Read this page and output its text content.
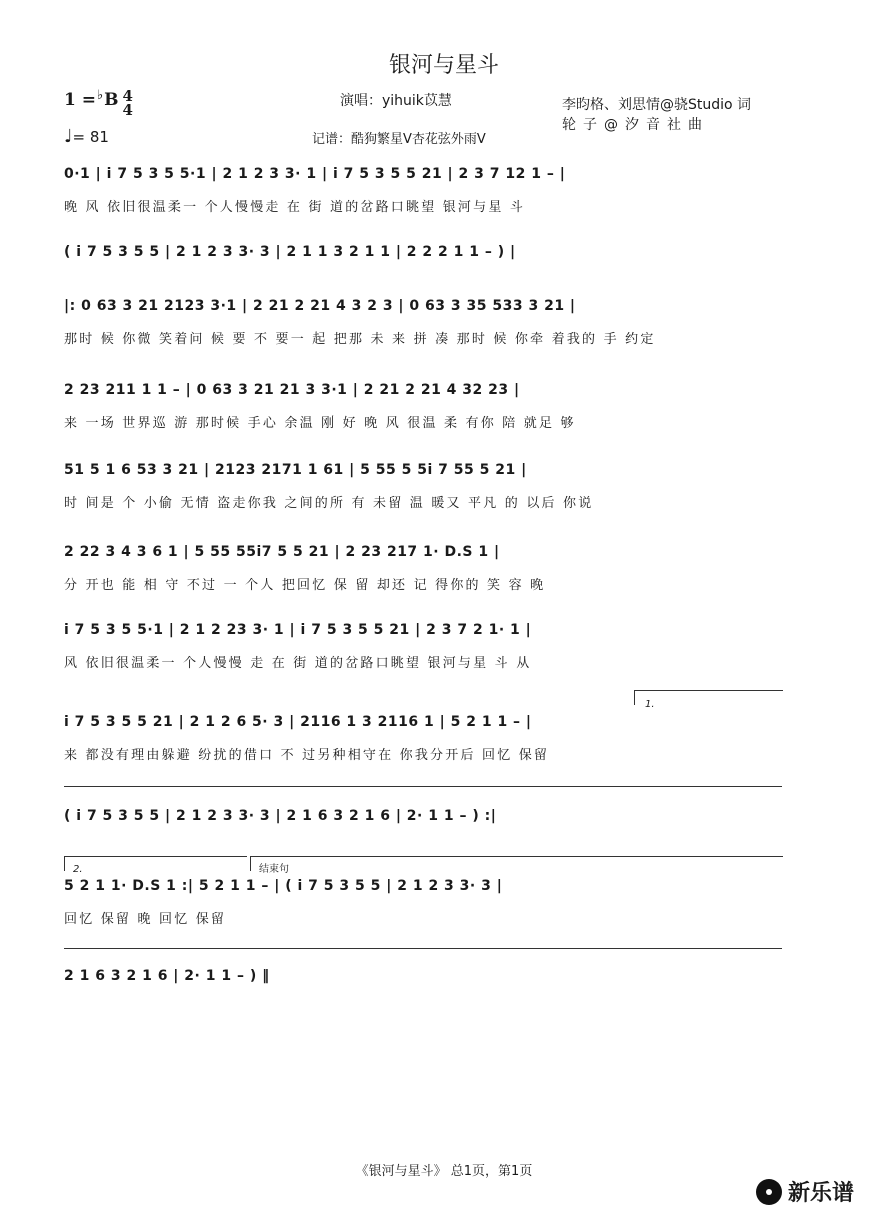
银河与星斗
1 =♭B 4
4
♩= 81
演唱：yihuik苡慧	李昀格、刘思情@骁Studio 词
轮子@汐音社曲
记谱：酷狗繁星V杏花弦外雨V
0·1 | i 7 5 3 5 5·1 | 2 1 2 3 3· 1 | i 7 5 3 5 5 21 | 2 3 7 12 1 – |
晚 风 依旧很温柔一 个人慢慢走 在 街 道的岔路口眺望 银河与星 斗
( i 7 5 3 5 5 | 2 1 2 3 3· 3 | 2 1 1 3 2 1 1 | 2 2 2 1 1 – ) |
|: 0 63 3 21 2123 3·1 | 2 21 2 21 4 3 2 3 | 0 63 3 35 533 3 21 |
那时 候 你微 笑着问 候 要 不 要一 起 把那 未 来 拼 凑 那时 候 你牵 着我的 手 约定
2 23 211 1 1 – | 0 63 3 21 21 3 3·1 | 2 21 2 21 4 32 23 |
来 一场 世界巡 游 那时候 手心 余温 刚 好 晚 风 很温 柔 有你 陪 就足 够
51 5 1 6 53 3 21 | 2123 2171 1 61 | 5 55 5 5i 7 55 5 21 |
时 间是 个 小偷 无情 盗走你我 之间的所 有 未留 温 暖又 平凡 的 以后 你说
2 22 3 4 3 6 1 | 5 55 55i7 5 5 21 | 2 23 217 1· D.S 1 |
分 开也 能 相 守 不过 一 个人 把回忆 保 留 却还 记 得你的 笑 容 晚
i 7 5 3 5 5·1 | 2 1 2 23 3· 1 | i 7 5 3 5 5 21 | 2 3 7 2 1· 1 |
风 依旧很温柔一 个人慢慢 走 在 街 道的岔路口眺望 银河与星 斗 从
1.
i 7 5 3 5 5 21 | 2 1 2 6 5· 3 | 2116 1 3 2116 1 | 5 2 1 1 – |
来 都没有理由躲避 纷扰的借口 不 过另种相守在 你我分开后 回忆 保留
( i 7 5 3 5 5 | 2 1 2 3 3· 3 | 2 1 6 3 2 1 6 | 2· 1 1 – ) :|
2.	结束句
5 2 1 1· D.S 1 :| 5 2 1 1 – | ( i 7 5 3 5 5 | 2 1 2 3 3· 3 |
回忆 保留 晚 回忆 保留
2 1 6 3 2 1 6 | 2· 1 1 – ) ‖
《银河与星斗》 总1页，第1页
新乐谱
